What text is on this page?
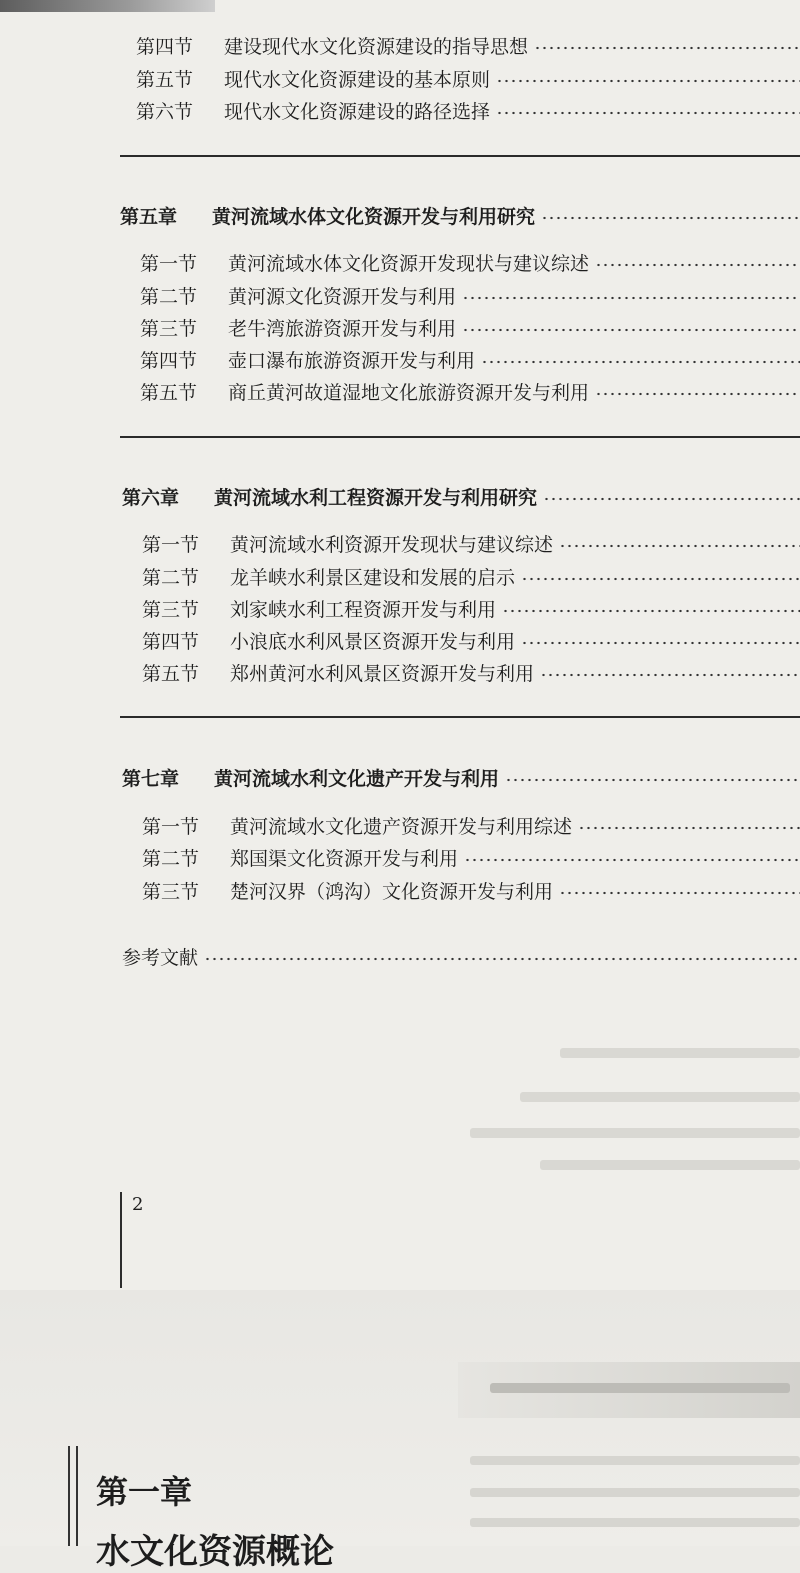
第四节	建设现代水文化资源建设的指导思想
第五节	现代水文化资源建设的基本原则
第六节	现代水文化资源建设的路径选择
第五章	黄河流域水体文化资源开发与利用研究
第一节	黄河流域水体文化资源开发现状与建议综述
第二节	黄河源文化资源开发与利用
第三节	老牛湾旅游资源开发与利用
第四节	壶口瀑布旅游资源开发与利用
第五节	商丘黄河故道湿地文化旅游资源开发与利用
第六章	黄河流域水利工程资源开发与利用研究
第一节	黄河流域水利资源开发现状与建议综述
第二节	龙羊峡水利景区建设和发展的启示
第三节	刘家峡水利工程资源开发与利用
第四节	小浪底水利风景区资源开发与利用
第五节	郑州黄河水利风景区资源开发与利用
第七章	黄河流域水利文化遗产开发与利用
第一节	黄河流域水文化遗产资源开发与利用综述
第二节	郑国渠文化资源开发与利用
第三节	楚河汉界（鸿沟）文化资源开发与利用
参考文献
2
第一章
水文化资源概论
